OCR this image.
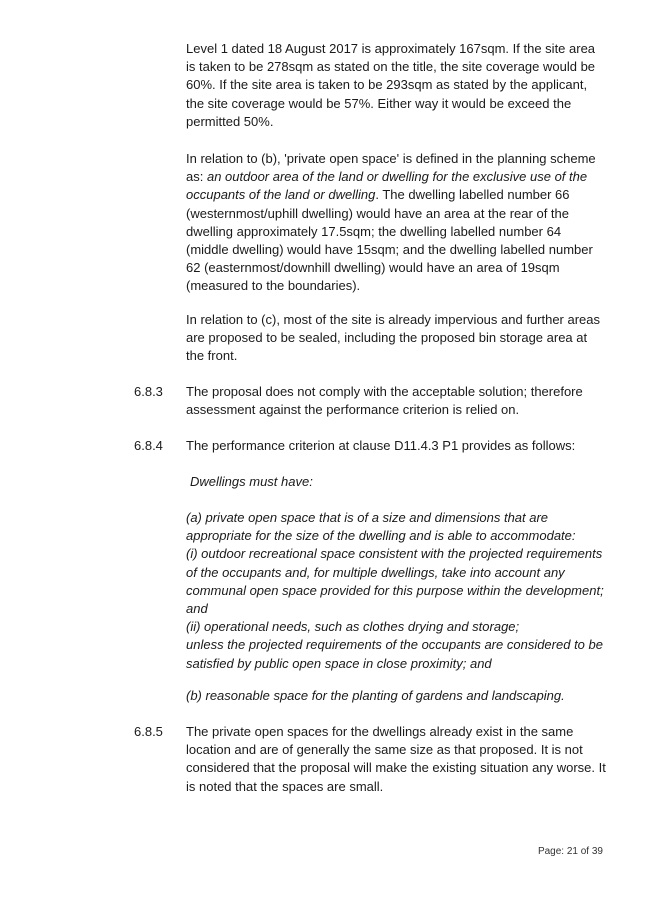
Level 1 dated 18 August 2017 is approximately 167sqm. If the site area is taken to be 278sqm as stated on the title, the site coverage would be 60%. If the site area is taken to be 293sqm as stated by the applicant, the site coverage would be 57%. Either way it would be exceed the permitted 50%.

In relation to (b), 'private open space' is defined in the planning scheme as: an outdoor area of the land or dwelling for the exclusive use of the occupants of the land or dwelling. The dwelling labelled number 66 (westernmost/uphill dwelling) would have an area at the rear of the dwelling approximately 17.5sqm; the dwelling labelled number 64 (middle dwelling) would have 15sqm; and the dwelling labelled number 62 (easternmost/downhill dwelling) would have an area of 19sqm (measured to the boundaries).

In relation to (c), most of the site is already impervious and further areas are proposed to be sealed, including the proposed bin storage area at the front.

6.8.3 The proposal does not comply with the acceptable solution; therefore assessment against the performance criterion is relied on.

6.8.4 The performance criterion at clause D11.4.3 P1 provides as follows:

Dwellings must have:

(a) private open space that is of a size and dimensions that are appropriate for the size of the dwelling and is able to accommodate:
(i) outdoor recreational space consistent with the projected requirements of the occupants and, for multiple dwellings, take into account any communal open space provided for this purpose within the development; and
(ii) operational needs, such as clothes drying and storage;
unless the projected requirements of the occupants are considered to be satisfied by public open space in close proximity; and

(b) reasonable space for the planting of gardens and landscaping.

6.8.5 The private open spaces for the dwellings already exist in the same location and are of generally the same size as that proposed. It is not considered that the proposal will make the existing situation any worse. It is noted that the spaces are small.

Page: 21 of 39
